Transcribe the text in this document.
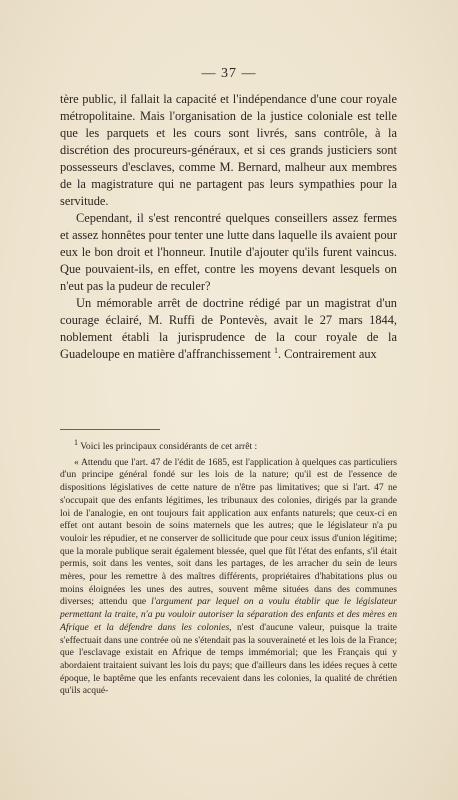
— 37 —

tère public, il fallait la capacité et l'indépendance d'une cour royale métropolitaine. Mais l'organisation de la justice coloniale est telle que les parquets et les cours sont livrés, sans contrôle, à la discrétion des procureurs-généraux, et si ces grands justiciers sont possesseurs d'esclaves, comme M. Bernard, malheur aux membres de la magistrature qui ne partagent pas leurs sympathies pour la servitude.

Cependant, il s'est rencontré quelques conseillers assez fermes et assez honnêtes pour tenter une lutte dans laquelle ils avaient pour eux le bon droit et l'honneur. Inutile d'ajouter qu'ils furent vaincus. Que pouvaient-ils, en effet, contre les moyens devant lesquels on n'eut pas la pudeur de reculer?

Un mémorable arrêt de doctrine rédigé par un magistrat d'un courage éclairé, M. Ruffi de Pontevès, avait le 27 mars 1844, noblement établi la jurisprudence de la cour royale de la Guadeloupe en matière d'affranchissement $^1$. Contrairement aux

$^1$ Voici les principaux considérants de cet arrêt :

« Attendu que l'art. 47 de l'édit de 1685, est l'application à quelques cas particuliers d'un principe général fondé sur les lois de la nature; qu'il est de l'essence de dispositions législatives de cette nature de n'être pas limitatives; que si l'art. 47 ne s'occupait que des enfants légitimes, les tribunaux des colonies, dirigés par la grande loi de l'analogie, en ont toujours fait application aux enfants naturels; que ceux-ci en effet ont autant besoin de soins maternels que les autres; que le législateur n'a pu vouloir les répudier, et ne conserver de sollicitude que pour ceux issus d'union légitime; que la morale publique serait également blessée, quel que fût l'état des enfants, s'il était permis, soit dans les ventes, soit dans les partages, de les arracher du sein de leurs mères, pour les remettre à des maîtres différents, propriétaires d'habitations plus ou moins éloignées les unes des autres, souvent même situées dans des communes diverses; attendu que l'argument par lequel on a voulu établir que le législateur permettant la traite, n'a pu vouloir autoriser la séparation des enfants et des mères en Afrique et la défendre dans les colonies, n'est d'aucune valeur, puisque la traite s'effectuait dans une contrée où ne s'étendait pas la souveraineté et les lois de la France; que l'esclavage existait en Afrique de temps immémorial; que les Français qui y abordaient traitaient suivant les lois du pays; que d'ailleurs dans les idées reçues à cette époque, le baptême que les enfants recevaient dans les colonies, la qualité de chrétien qu'ils acqué-
